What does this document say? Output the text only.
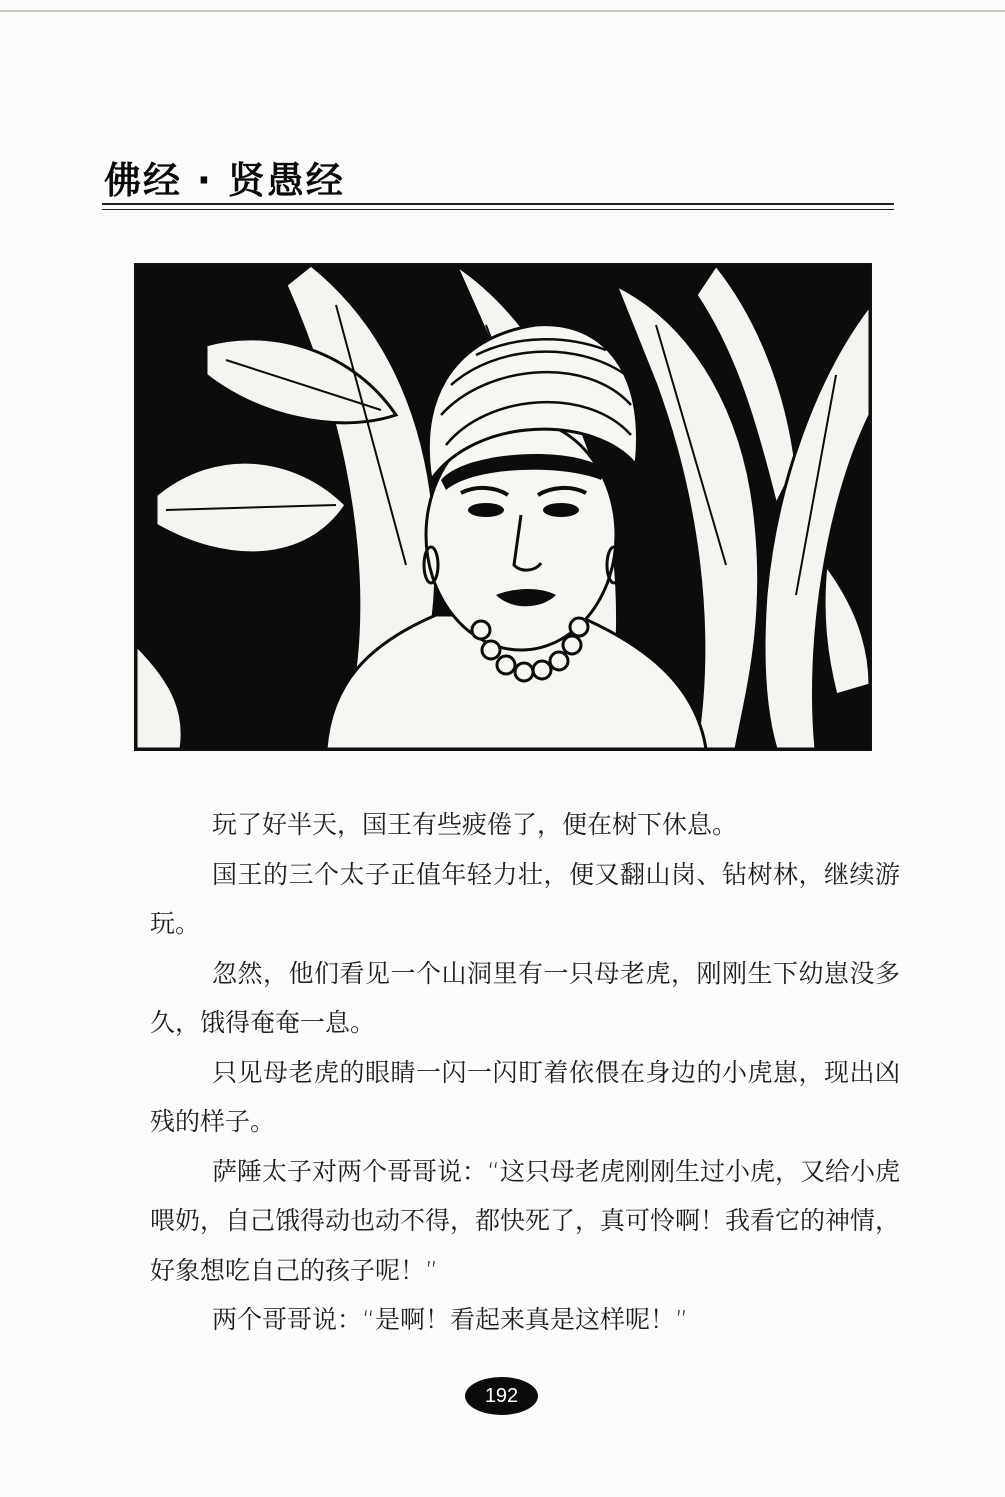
佛经 · 贤愚经

玩了好半天，国王有些疲倦了，便在树下休息。

国王的三个太子正值年轻力壮，便又翻山岗、钻树林，继续游玩。

忽然，他们看见一个山洞里有一只母老虎，刚刚生下幼崽没多久，饿得奄奄一息。

只见母老虎的眼睛一闪一闪盯着依偎在身边的小虎崽，现出凶残的样子。

萨陲太子对两个哥哥说：“这只母老虎刚刚生过小虎，又给小虎喂奶，自己饿得动也动不得，都快死了，真可怜啊！我看它的神情，好象想吃自己的孩子呢！”

两个哥哥说：“是啊！看起来真是这样呢！”

192
